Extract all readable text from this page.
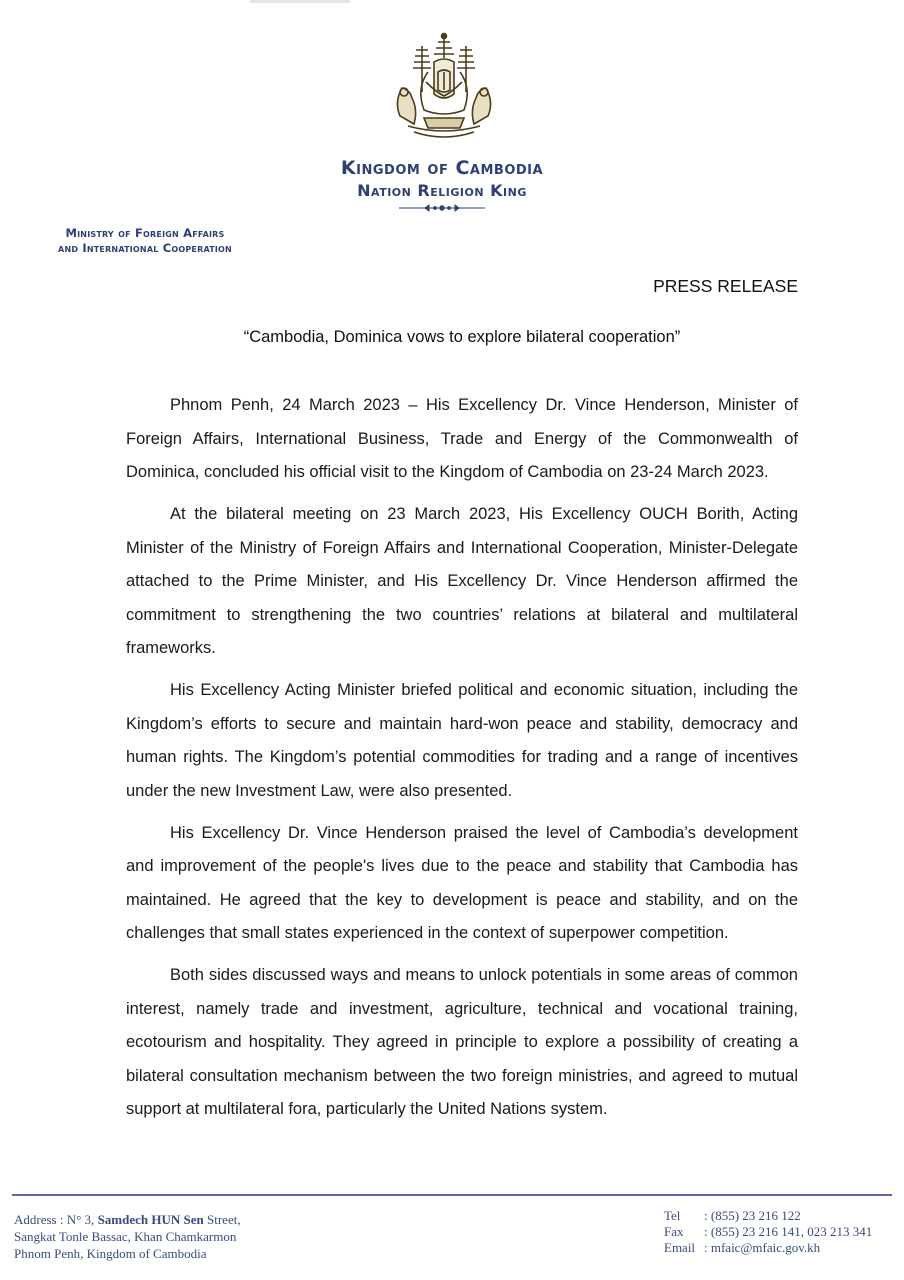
Kingdom of Cambodia
Nation Religion King
Ministry of Foreign Affairs
and International Cooperation
PRESS RELEASE
“Cambodia, Dominica vows to explore bilateral cooperation”

Phnom Penh, 24 March 2023 – His Excellency Dr. Vince Henderson, Minister of Foreign Affairs, International Business, Trade and Energy of the Commonwealth of Dominica, concluded his official visit to the Kingdom of Cambodia on 23-24 March 2023.

At the bilateral meeting on 23 March 2023, His Excellency OUCH Borith, Acting Minister of the Ministry of Foreign Affairs and International Cooperation, Minister-Delegate attached to the Prime Minister, and His Excellency Dr. Vince Henderson affirmed the commitment to strengthening the two countries’ relations at bilateral and multilateral frameworks.

His Excellency Acting Minister briefed political and economic situation, including the Kingdom’s efforts to secure and maintain hard-won peace and stability, democracy and human rights. The Kingdom’s potential commodities for trading and a range of incentives under the new Investment Law, were also presented.

His Excellency Dr. Vince Henderson praised the level of Cambodia’s development and improvement of the people's lives due to the peace and stability that Cambodia has maintained. He agreed that the key to development is peace and stability, and on the challenges that small states experienced in the context of superpower competition.

Both sides discussed ways and means to unlock potentials in some areas of common interest, namely trade and investment, agriculture, technical and vocational training, ecotourism and hospitality. They agreed in principle to explore a possibility of creating a bilateral consultation mechanism between the two foreign ministries, and agreed to mutual support at multilateral fora, particularly the United Nations system.

Address : N° 3, Samdech HUN Sen Street,
Sangkat Tonle Bassac, Khan Chamkarmon
Phnom Penh, Kingdom of Cambodia
Tel : (855) 23 216 122
Fax : (855) 23 216 141, 023 213 341
Email : mfaic@mfaic.gov.kh
